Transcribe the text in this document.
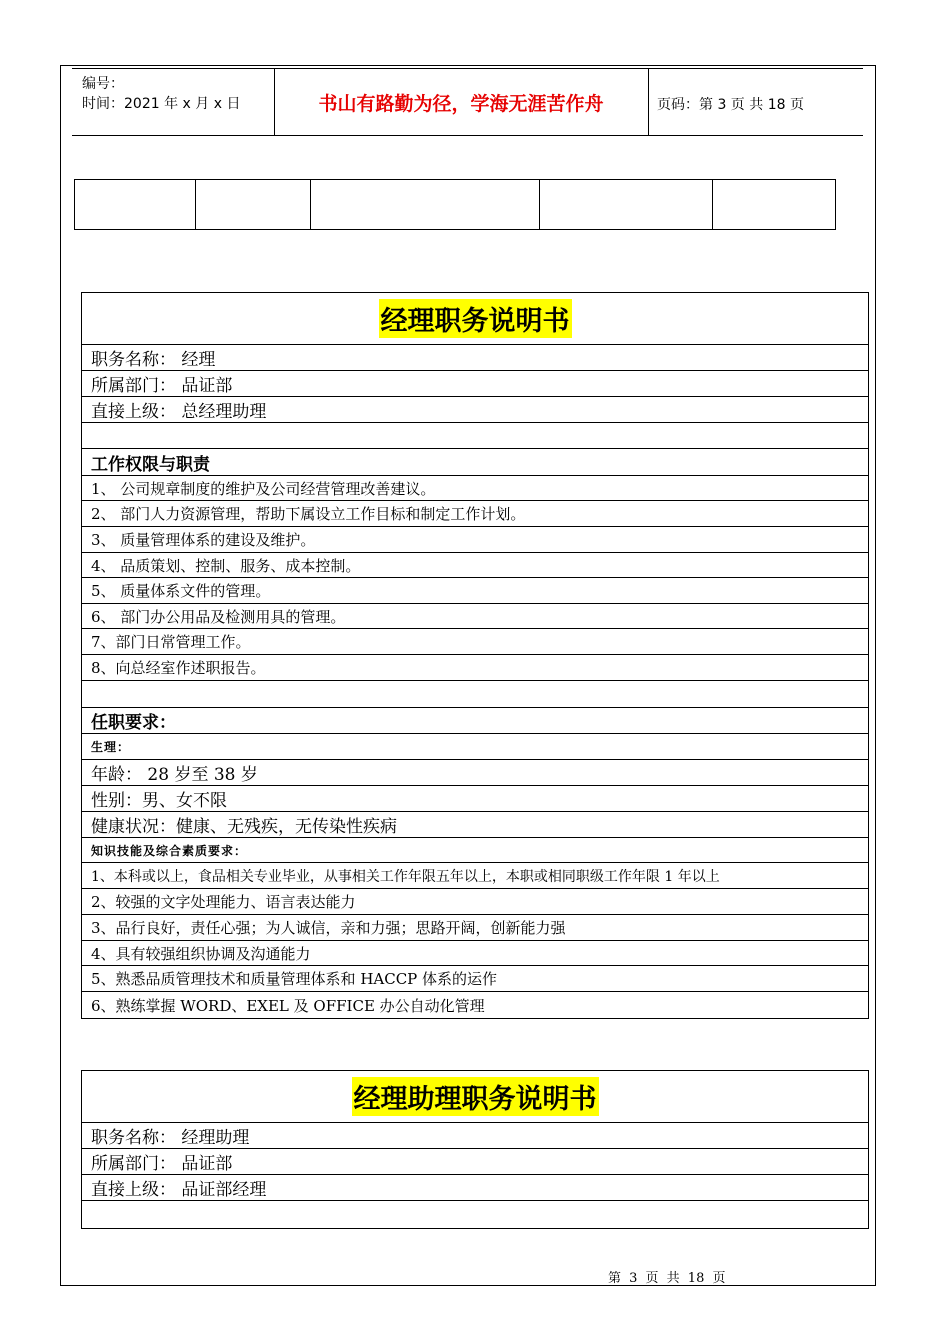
编号：
时间：2021 年 x 月 x 日	书山有路勤为径，学海无涯苦作舟	页码：第 3 页 共 18 页
经理职务说明书
职务名称： 经理
所属部门： 品证部
直接上级： 总经理助理
工作权限与职责
1、 公司规章制度的维护及公司经营管理改善建议。
2、 部门人力资源管理，帮助下属设立工作目标和制定工作计划。
3、 质量管理体系的建设及维护。
4、 品质策划、控制、服务、成本控制。
5、 质量体系文件的管理。
6、 部门办公用品及检测用具的管理。
7、部门日常管理工作。
8、向总经室作述职报告。
任职要求：
生理：
年龄： 28 岁至 38 岁
性别：男、女不限
健康状况：健康、无残疾，无传染性疾病
知识技能及综合素质要求：
1、本科或以上，食品相关专业毕业，从事相关工作年限五年以上，本职或相同职级工作年限 1 年以上
2、较强的文字处理能力、语言表达能力
3、品行良好，责任心强；为人诚信，亲和力强；思路开阔，创新能力强
4、具有较强组织协调及沟通能力
5、熟悉品质管理技术和质量管理体系和 HACCP 体系的运作
6、熟练掌握 WORD、EXEL 及 OFFICE 办公自动化管理
经理助理职务说明书
职务名称： 经理助理
所属部门： 品证部
直接上级： 品证部经理
第 3 页 共 18 页
